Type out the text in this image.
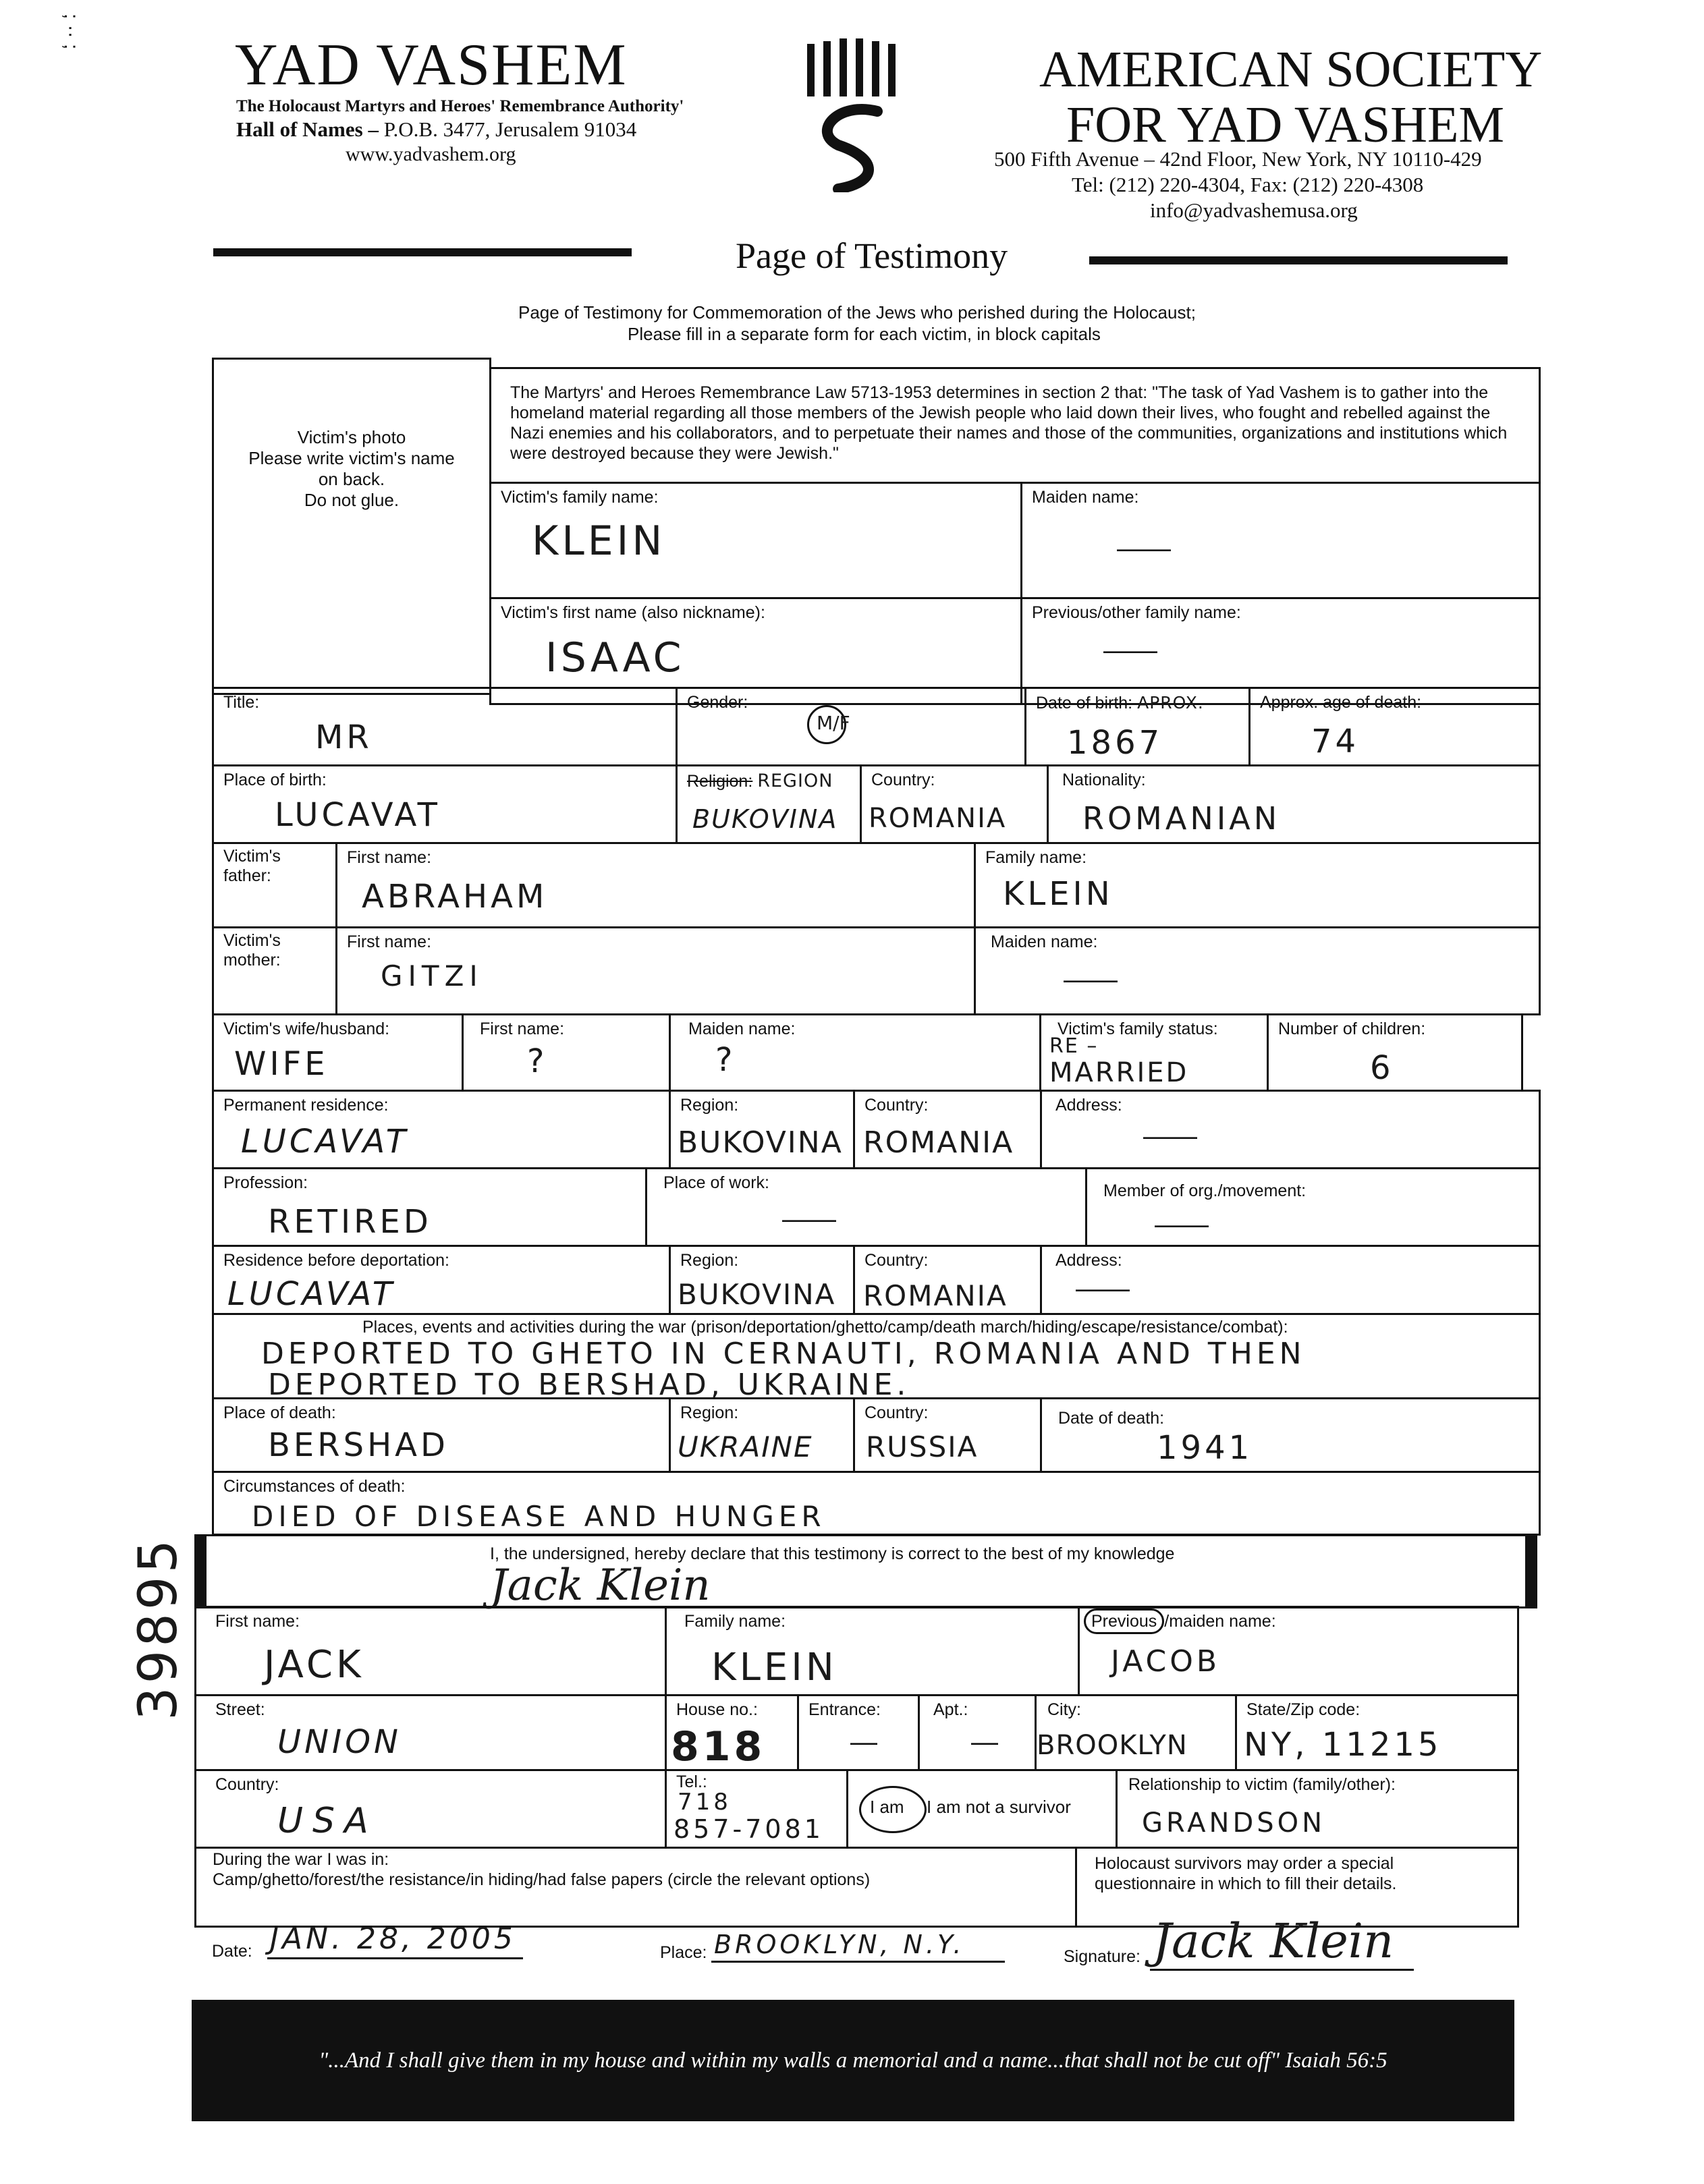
; ·· ;
39895
YAD VASHEM
The Holocaust Martyrs and Heroes' Remembrance Authority'
Hall of Names – P.O.B. 3477, Jerusalem 91034
www.yadvashem.org
AMERICAN SOCIETY
FOR YAD VASHEM
500 Fifth Avenue – 42nd Floor, New York, NY 10110-429
Tel: (212) 220-4304, Fax: (212) 220-4308
info@yadvashemusa.org
Page of Testimony
Page of Testimony for Commemoration of the Jews who perished during the Holocaust;
Please fill in a separate form for each victim, in block capitals
Victim's photo
Please write victim's name
on back.
Do not glue.
The Martyrs' and Heroes Remembrance Law 5713-1953 determines in section 2 that: "The task of Yad Vashem is to gather into the homeland material regarding all those members of the Jewish people who laid down their lives, who fought and rebelled against the Nazi enemies and his collaborators, and to perpetuate their names and those of the communities, organizations and institutions which were destroyed because they were Jewish."
Victim's family name:
KLEIN
Maiden name:
——
Victim's first name (also nickname):
ISAAC
Previous/other family name:
——
Title:
MR
Gender:
M/F
Date of birth: APROX.
1867
Approx. age of death:
74
Place of birth:
LUCAVAT
Religion: REGION
BUKOVINA
Country:
ROMANIA
Nationality:
ROMANIAN
Victim's
father:
First name:
ABRAHAM
Family name:
KLEIN
Victim's
mother:
First name:
GITZI
Maiden name:
——
Victim's wife/husband:
WIFE
First name:
?
Maiden name:
?
Victim's family status:
RE –
MARRIED
Number of children:
6
Permanent residence:
LUCAVAT
Region:
BUKOVINA
Country:
ROMANIA
Address:
——
Profession:
RETIRED
Place of work:
——
Member of org./movement:
——
Residence before deportation:
LUCAVAT
Region:
BUKOVINA
Country:
ROMANIA
Address:
——
Places, events and activities during the war (prison/deportation/ghetto/camp/death march/hiding/escape/resistance/combat):
DEPORTED TO GHETO IN CERNAUTI, ROMANIA AND THEN
DEPORTED TO BERSHAD, UKRAINE.
Place of death:
BERSHAD
Region:
UKRAINE
Country:
RUSSIA
Date of death:
1941
Circumstances of death:
DIED OF DISEASE AND HUNGER
I, the undersigned, hereby declare that this testimony is correct to the best of my knowledge
Jack Klein
First name:
JACK
Family name:
KLEIN
Previous /maiden name:
JACOB
Street:
UNION
House no.:
818
Entrance:
—
Apt.:
—
City:
BROOKLYN
State/Zip code:
NY, 11215
Country:
USA
Tel.:
718
857-7081
I am I am not a survivor
Relationship to victim (family/other):
GRANDSON
During the war I was in:
Camp/ghetto/forest/the resistance/in hiding/had false papers (circle the relevant options)
Holocaust survivors may order a special
questionnaire in which to fill their details.
Date: JAN. 28, 2005	Place: BROOKLYN, N.Y.	Signature: Jack Klein
"...And I shall give them in my house and within my walls a memorial and a name...that shall not be cut off" Isaiah 56:5
